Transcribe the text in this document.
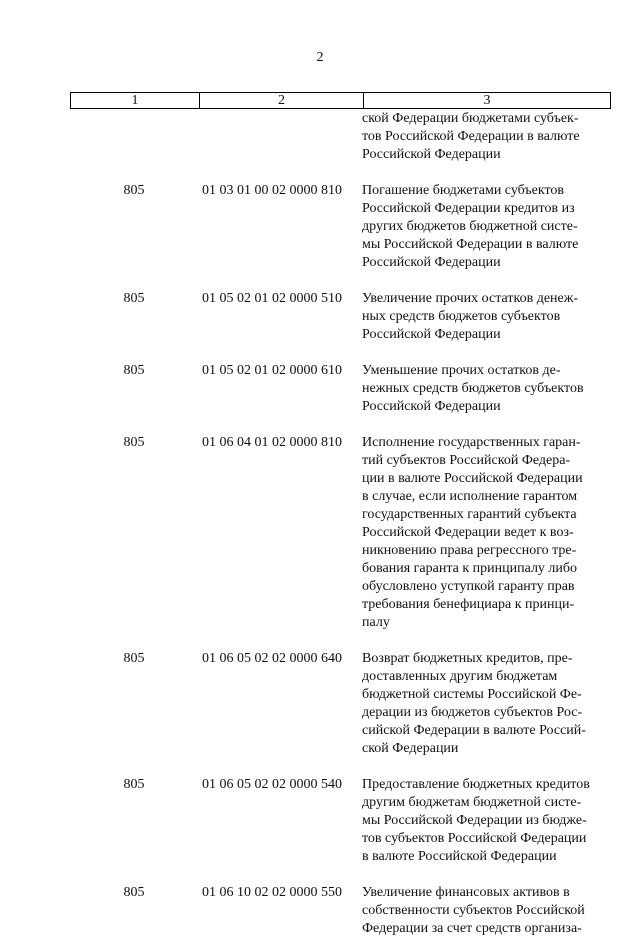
2
1	2	3
ской Федерации бюджетами субъек-
тов Российской Федерации в валюте
Российской Федерации
805	01 03 01 00 02 0000 810	Погашение бюджетами субъектов
Российской Федерации кредитов из
других бюджетов бюджетной систе-
мы Российской Федерации в валюте
Российской Федерации
805	01 05 02 01 02 0000 510	Увеличение прочих остатков денеж-
ных средств бюджетов субъектов
Российской Федерации
805	01 05 02 01 02 0000 610	Уменьшение прочих остатков де-
нежных средств бюджетов субъектов
Российской Федерации
805	01 06 04 01 02 0000 810	Исполнение государственных гаран-
тий субъектов Российской Федера-
ции в валюте Российской Федерации
в случае, если исполнение гарантом
государственных гарантий субъекта
Российской Федерации ведет к воз-
никновению права регрессного тре-
бования гаранта к принципалу либо
обусловлено уступкой гаранту прав
требования бенефициара к принци-
палу
805	01 06 05 02 02 0000 640	Возврат бюджетных кредитов, пре-
доставленных другим бюджетам
бюджетной системы Российской Фе-
дерации из бюджетов субъектов Рос-
сийской Федерации в валюте Россий-
ской Федерации
805	01 06 05 02 02 0000 540	Предоставление бюджетных кредитов
другим бюджетам бюджетной систе-
мы Российской Федерации из бюдже-
тов субъектов Российской Федерации
в валюте Российской Федерации
805	01 06 10 02 02 0000 550	Увеличение финансовых активов в
собственности субъектов Российской
Федерации за счет средств организа-
